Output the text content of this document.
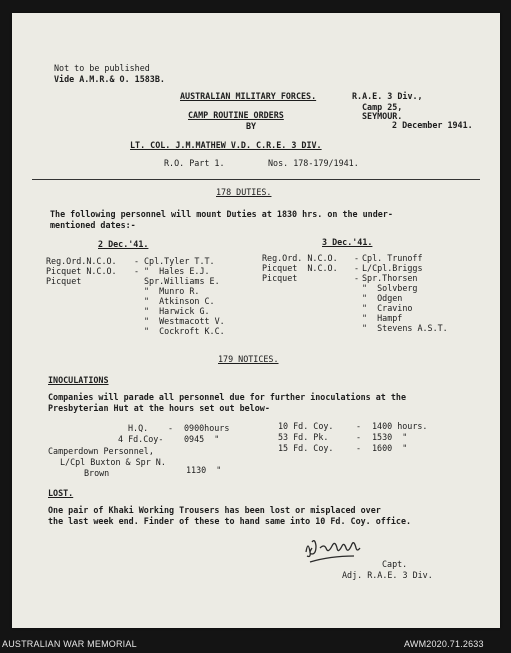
Not to be published
Vide A.M.R.& O. 1583B.
AUSTRALIAN MILITARY FORCES.
CAMP ROUTINE ORDERS
BY
R.A.E. 3 Div.,
Camp 25,
SEYMOUR.
2 December 1941.
LT. COL. J.M.MATHEW V.D. C.R.E. 3 DIV.
R.O. Part 1.	Nos. 178-179/1941.
178 DUTIES.
The following personnel will mount Duties at 1830 hrs. on the under-
mentioned dates:-
2 Dec.'41.	3 Dec.'41.
Reg.Ord.N.C.O. - Cpl.Tyler T.T.
Picquet N.C.O. - "  Hales E.J.
Picquet	Spr.Williams E.
"  Munro R.
"  Atkinson C.
"  Harwick G.
"  Westmacott V.
"  Cockroft K.C.
Reg.Ord. N.C.O. - Cpl. Trunoff
Picquet  N.C.O. - L/Cpl.Briggs
Picquet	- Spr.Thorsen
"  Solvberg
"  Odgen
"  Cravino
"  Hampf
"  Stevens A.S.T.
179 NOTICES.
INOCULATIONS
Companies will parade all personnel due for further inoculations at the
Presbyterian Hut at the hours set out below-
H.Q. - 0900hours
4 Fd.Coy- 0945  "
10 Fd. Coy.	- 1400 hours.
53 Fd. Pk.	- 1530  "
15 Fd. Coy.	- 1600  "
Camperdown Personnel,
L/Cpl Buxton & Spr N.
Brown	1130  "
LOST.
One pair of Khaki Working Trousers has been lost or misplaced over
the last week end. Finder of these to hand same into 10 Fd. Coy. office.
Capt.
Adj. R.A.E. 3 Div.
AUSTRALIAN WAR MEMORIAL	AWM2020.71.2633
